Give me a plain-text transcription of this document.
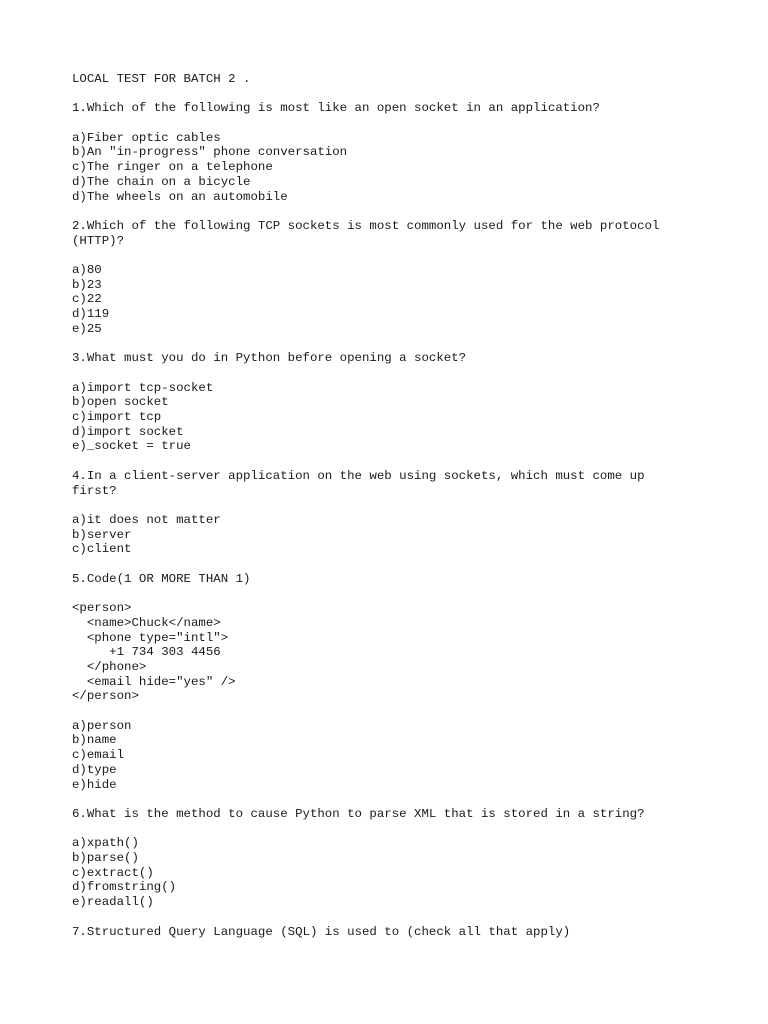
LOCAL TEST FOR BATCH 2 .
1.Which of the following is most like an open socket in an application?
a)Fiber optic cables
b)An "in-progress" phone conversation
c)The ringer on a telephone
d)The chain on a bicycle
d)The wheels on an automobile
2.Which of the following TCP sockets is most commonly used for the web protocol
(HTTP)?
a)80
b)23
c)22
d)119
e)25
3.What must you do in Python before opening a socket?
a)import tcp-socket
b)open socket
c)import tcp
d)import socket
e)_socket = true
4.In a client-server application on the web using sockets, which must come up
first?
a)it does not matter
b)server
c)client
5.Code(1 OR MORE THAN 1)
<person>
<name>Chuck</name>
<phone type="intl">
+1 734 303 4456
</phone>
<email hide="yes" />
</person>
a)person
b)name
c)email
d)type
e)hide
6.What is the method to cause Python to parse XML that is stored in a string?
a)xpath()
b)parse()
c)extract()
d)fromstring()
e)readall()
7.Structured Query Language (SQL) is used to (check all that apply)
